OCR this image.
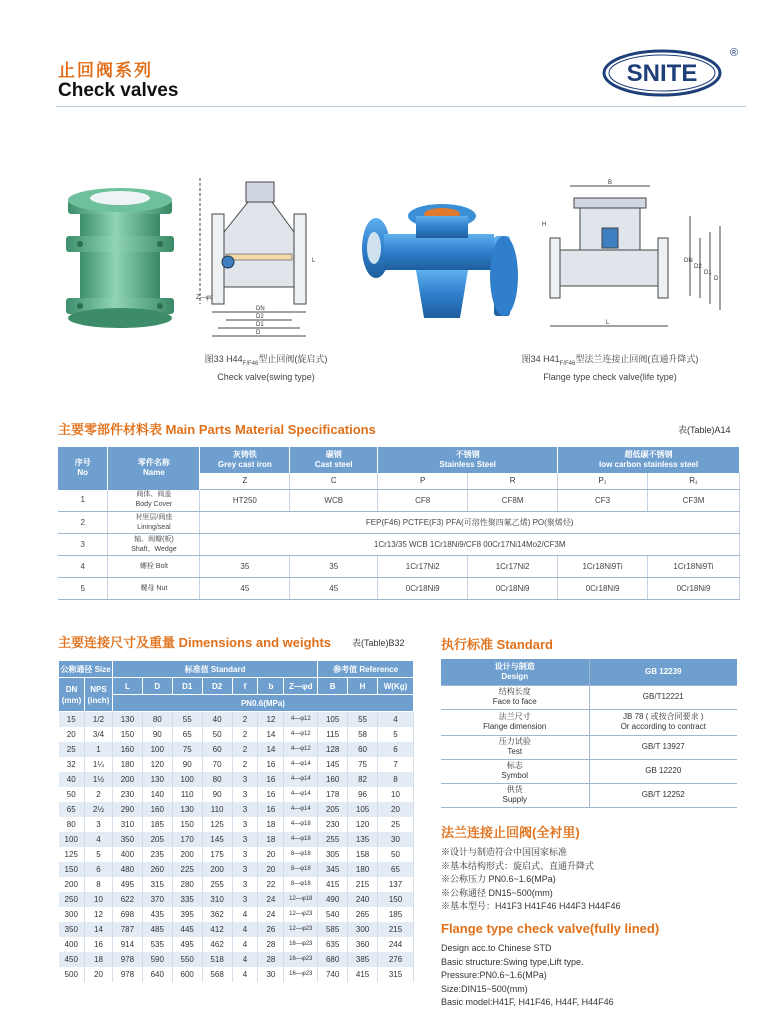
止回阀系列
Check valves
SNITE
®
Z—φd
DN
D2
D1
D
L
图33 $H44_{F/F46}$型止回阀(旋启式)
Check valve(swing type)
B
H
DN
D2
D1
D
L
图34 $H41_{F/F46}$型法兰连接止回阀(直通升降式)
Flange type check valve(life type)
主要零部件材料表 Main Parts Material Specifications	表(Table)A14
序号
No	零件名称
Name	灰铸铁
Grey cast iron	碳钢
Cast steel	不锈钢
Stainless Steel		超低碳不锈钢
low carbon stainless steel	
		Z	C	P	R	P₁	R₁
1	阀体、阀盖
Body Cover	HT250	WCB	CF8	CF8M	CF3	CF3M
2	衬里层/阀座
Lining/seal	FEP(F46) PCTFE(F3) PFA(可溶性聚四氟乙烯) PO(聚烯烃)					
3	轴、阀瓣(板)
Shaft、Wedge	1Cr13/35 WCB 1Cr18Ni9/CF8 00Cr17Ni14Mo2/CF3M					
4	螺栓 Bolt	35	35	1Cr17Ni2	1Cr17Ni2	1Cr18Ni9Ti	1Cr18Ni9Ti
5	螺母 Nut	45	45	0Cr18Ni9	0Cr18Ni9	0Cr18Ni9	0Cr18Ni9
主要连接尺寸及重量 Dimensions and weights 表(Table)B32
公称通径 Size		标准值 Standard							参考值 Reference		
DN
(mm)	NPS
(inch)	L	D	D1	D2	f	b	Z—φd	B	H	W(Kg)
		PN0.6(MPa)									
15	1/2	130	80	55	40	2	12	4—φ12	105	55	4
20	3/4	150	90	65	50	2	14	4—φ12	115	58	5
25	1	160	100	75	60	2	14	4—φ12	128	60	6
32	1¼	180	120	90	70	2	16	4—φ14	145	75	7
40	1½	200	130	100	80	3	16	4—φ14	160	82	8
50	2	230	140	110	90	3	16	4—φ14	178	96	10
65	2½	290	160	130	110	3	16	4—φ14	205	105	20
80	3	310	185	150	125	3	18	4—φ18	230	120	25
100	4	350	205	170	145	3	18	4—φ18	255	135	30
125	5	400	235	200	175	3	20	8—φ18	305	158	50
150	6	480	260	225	200	3	20	8—φ18	345	180	65
200	8	495	315	280	255	3	22	8—φ18	415	215	137
250	10	622	370	335	310	3	24	12—φ18	490	240	150
300	12	698	435	395	362	4	24	12—φ23	540	265	185
350	14	787	485	445	412	4	26	12—φ23	585	300	215
400	16	914	535	495	462	4	28	16—φ23	635	360	244
450	18	978	590	550	518	4	28	16—φ23	680	385	276
500	20	978	640	600	568	4	30	16—φ23	740	415	315
执行标准 Standard
设计与制造
Design	GB 12239
结构长度
Face to face	GB/T12221
法兰尺寸
Flange dimension	JB 78 ( 或按合同要求 )
Or according to contract
压力试验
Test	GB/T 13927
标志
Symbol	GB 12220
供货
Supply	GB/T 12252
法兰连接止回阀(全衬里)
※设计与制造符合中国国家标准
※基本结构形式：旋启式、直通升降式
※公称压力 PN0.6~1.6(MPa)
※公称通径 DN15~500(mm)
※基本型号：H41F3 H41F46 H44F3 H44F46
Flange type check valve(fully lined)
Design acc.to Chinese STD
Basic structure:Swing type,Lift type.
Pressure:PN0.6~1.6(MPa)
Size:DIN15~500(mm)
Basic model:H41F, H41F46, H44F, H44F46
